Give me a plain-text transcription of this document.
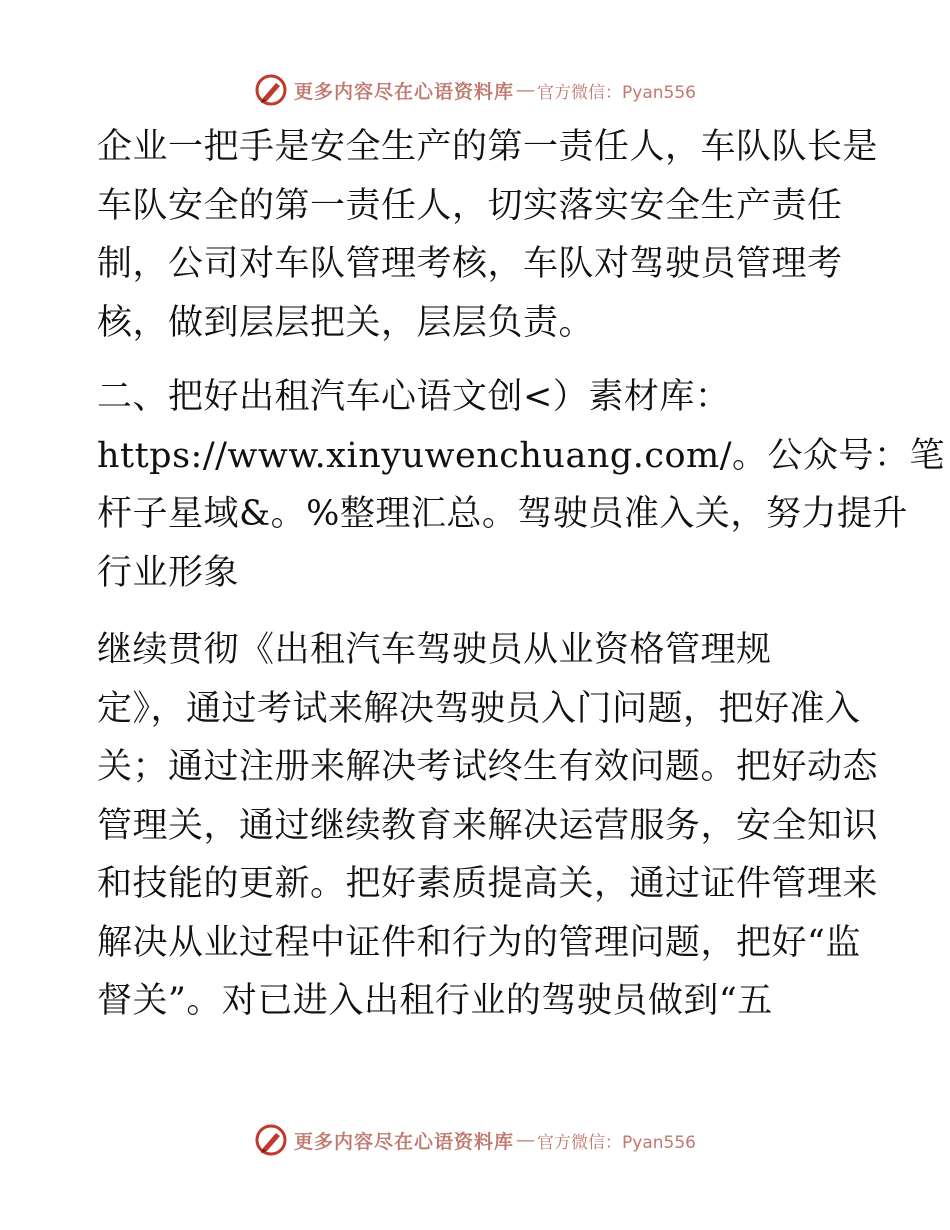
更多内容尽在心语资料库 — 官方微信：Pyan556
企业一把手是安全生产的第一责任人，车队队长是
车队安全的第一责任人，切实落实安全生产责任
制，公司对车队管理考核，车队对驾驶员管理考
核，做到层层把关，层层负责。
二、把好出租汽车心语文创<）素材库：
https://www.xinyuwenchuang.com/。公众号：笔
杆子星域&。%整理汇总。驾驶员准入关，努力提升
行业形象
继续贯彻《出租汽车驾驶员从业资格管理规
定》，通过考试来解决驾驶员入门问题，把好准入
关；通过注册来解决考试终生有效问题。把好动态
管理关，通过继续教育来解决运营服务，安全知识
和技能的更新。把好素质提高关，通过证件管理来
解决从业过程中证件和行为的管理问题，把好“监
督关”。对已进入出租行业的驾驶员做到“五
更多内容尽在心语资料库 — 官方微信：Pyan556
